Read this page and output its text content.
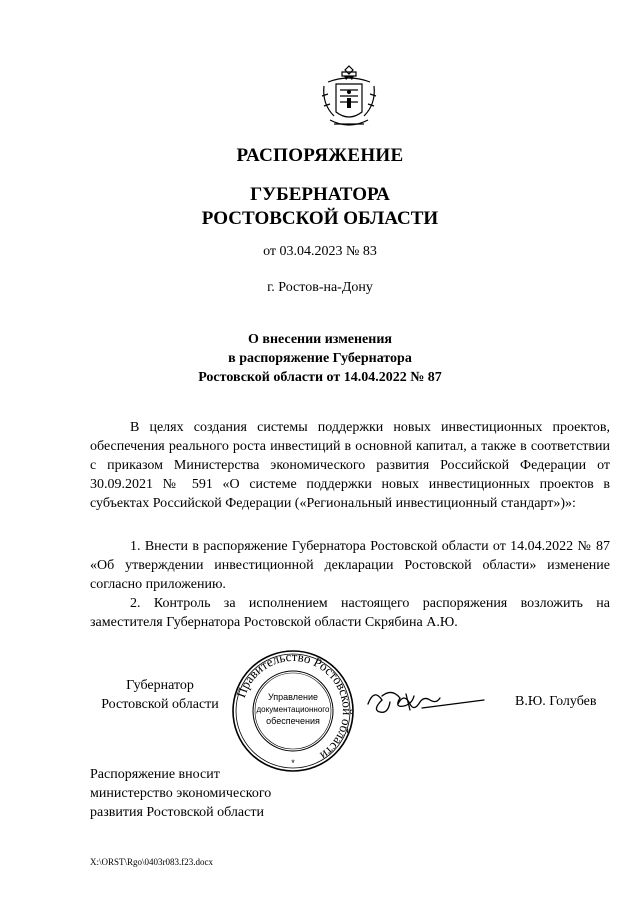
РАСПОРЯЖЕНИЕ
ГУБЕРНАТОРА
РОСТОВСКОЙ ОБЛАСТИ
от 03.04.2023 № 83
г. Ростов-на-Дону
О внесении изменения
в распоряжение Губернатора
Ростовской области от 14.04.2022 № 87

В целях создания системы поддержки новых инвестиционных проектов, обеспечения реального роста инвестиций в основной капитал, а также в соответствии с приказом Министерства экономического развития Российской Федерации от 30.09.2021 № 591 «О системе поддержки новых инвестиционных проектов в субъектах Российской Федерации («Региональный инвестиционный стандарт»)»:

1. Внести в распоряжение Губернатора Ростовской области от 14.04.2022 № 87 «Об утверждении инвестиционной декларации Ростовской области» изменение согласно приложению.

2. Контроль за исполнением настоящего распоряжения возложить на заместителя Губернатора Ростовской области Скрябина А.Ю.

Губернатор
Ростовской области
Правительство Ростовской области
Управление
документационного
обеспечения
*
В.Ю. Голубев
Распоряжение вносит
министерство экономического
развития Ростовской области
X:\ORST\Rgo\0403r083.f23.docx
